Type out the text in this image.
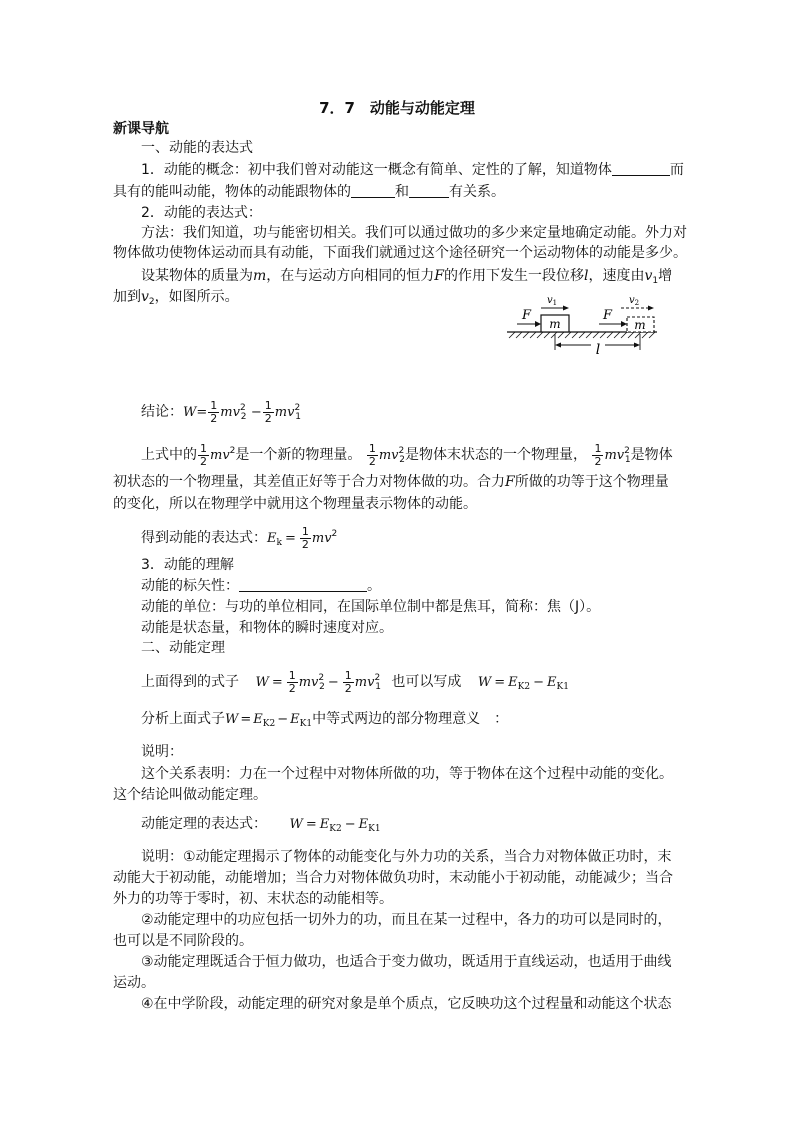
7．7　动能与动能定理
新课导航
一、动能的表达式
1．动能的概念：初中我们曾对动能这一概念有简单、定性的了解，知道物体	而
具有的能叫动能，物体的动能跟物体的	和	有关系。
2．动能的表达式：
方法：我们知道，功与能密切相关。我们可以通过做功的多少来定量地确定动能。外力对
物体做功使物体运动而具有动能，下面我们就通过这个途径研究一个运动物体的动能是多少。
设某物体的质量为m，在与运动方向相同的恒力F的作用下发生一段位移l，速度由$v_1$增
加到$v_2$，如图所示。
m
F
$v_1$
m
F
$v_2$
l
结论：$W= \frac{1}{2} mv^2_2 - \frac{1}{2} mv^2_1$
上式中的 $\frac{1}{2} mv^2$是一个新的物理量。 $\frac{1}{2} mv^2_2$是物体末状态的一个物理量， $\frac{1}{2} mv^2_1$是物体
初状态的一个物理量，其差值正好等于合力对物体做的功。合力F所做的功等于这个物理量
的变化，所以在物理学中就用这个物理量表示物体的动能。
得到动能的表达式：$E_k = \frac{1}{2} mv^2$
3．动能的理解
动能的标矢性：	。
动能的单位：与功的单位相同，在国际单位制中都是焦耳，简称：焦（J）。
动能是状态量，和物体的瞬时速度对应。
二、动能定理
上面得到的式子 $W = \frac{1}{2} mv^2_2 - \frac{1}{2} mv^2_1$ 也可以写成 $W = E_{K2} - E_{K1}$
分析上面式子$W = E_{K2} - E_{K1}$中等式两边的部分物理意义　：
说明：
这个关系表明：力在一个过程中对物体所做的功，等于物体在这个过程中动能的变化。
这个结论叫做动能定理。
动能定理的表达式： $W = E_{K2} - E_{K1}$
说明：①动能定理揭示了物体的动能变化与外力功的关系，当合力对物体做正功时，末
动能大于初动能，动能增加；当合力对物体做负功时，末动能小于初动能，动能减少；当合
外力的功等于零时，初、末状态的动能相等。
②动能定理中的功应包括一切外力的功，而且在某一过程中，各力的功可以是同时的，
也可以是不同阶段的。
③动能定理既适合于恒力做功，也适合于变力做功，既适用于直线运动，也适用于曲线
运动。
④在中学阶段，动能定理的研究对象是单个质点，它反映功这个过程量和动能这个状态
